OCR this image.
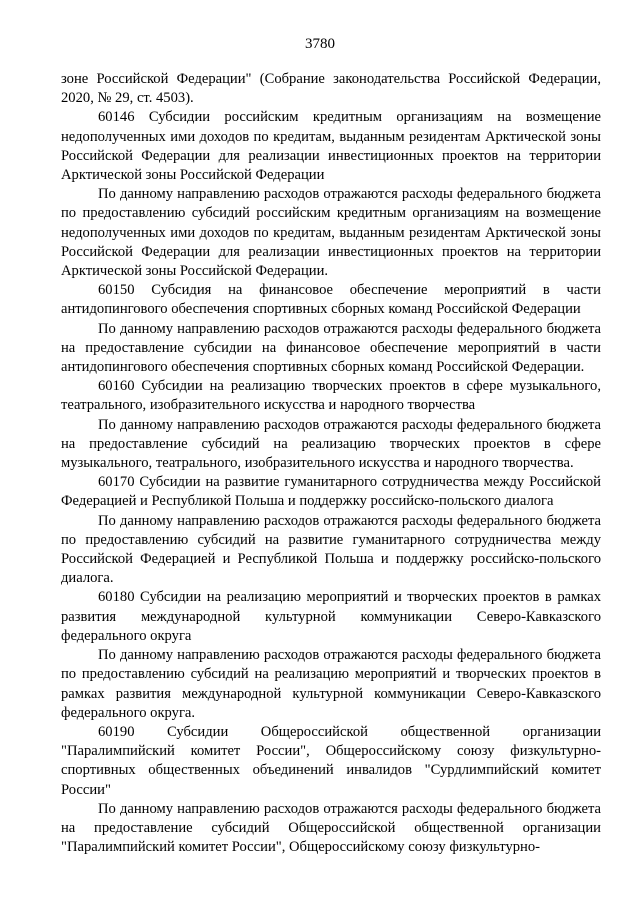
3780

зоне Российской Федерации" (Собрание законодательства Российской Федерации, 2020, № 29, ст. 4503).

60146 Субсидии российским кредитным организациям на возмещение недополученных ими доходов по кредитам, выданным резидентам Арктической зоны Российской Федерации для реализации инвестиционных проектов на территории Арктической зоны Российской Федерации

По данному направлению расходов отражаются расходы федерального бюджета по предоставлению субсидий российским кредитным организациям на возмещение недополученных ими доходов по кредитам, выданным резидентам Арктической зоны Российской Федерации для реализации инвестиционных проектов на территории Арктической зоны Российской Федерации.

60150 Субсидия на финансовое обеспечение мероприятий в части антидопингового обеспечения спортивных сборных команд Российской Федерации

По данному направлению расходов отражаются расходы федерального бюджета на предоставление субсидии на финансовое обеспечение мероприятий в части антидопингового обеспечения спортивных сборных команд Российской Федерации.

60160 Субсидии на реализацию творческих проектов в сфере музыкального, театрального, изобразительного искусства и народного творчества

По данному направлению расходов отражаются расходы федерального бюджета на предоставление субсидий на реализацию творческих проектов в сфере музыкального, театрального, изобразительного искусства и народного творчества.

60170 Субсидии на развитие гуманитарного сотрудничества между Российской Федерацией и Республикой Польша и поддержку российско-польского диалога

По данному направлению расходов отражаются расходы федерального бюджета по предоставлению субсидий на развитие гуманитарного сотрудничества между Российской Федерацией и Республикой Польша и поддержку российско-польского диалога.

60180 Субсидии на реализацию мероприятий и творческих проектов в рамках развития международной культурной коммуникации Северо-Кавказского федерального округа

По данному направлению расходов отражаются расходы федерального бюджета по предоставлению субсидий на реализацию мероприятий и творческих проектов в рамках развития международной культурной коммуникации Северо-Кавказского федерального округа.

60190 Субсидии Общероссийской общественной организации "Паралимпийский комитет России", Общероссийскому союзу физкультурно-спортивных общественных объединений инвалидов "Сурдлимпийский комитет России"

По данному направлению расходов отражаются расходы федерального бюджета на предоставление субсидий Общероссийской общественной организации "Паралимпийский комитет России", Общероссийскому союзу физкультурно-
